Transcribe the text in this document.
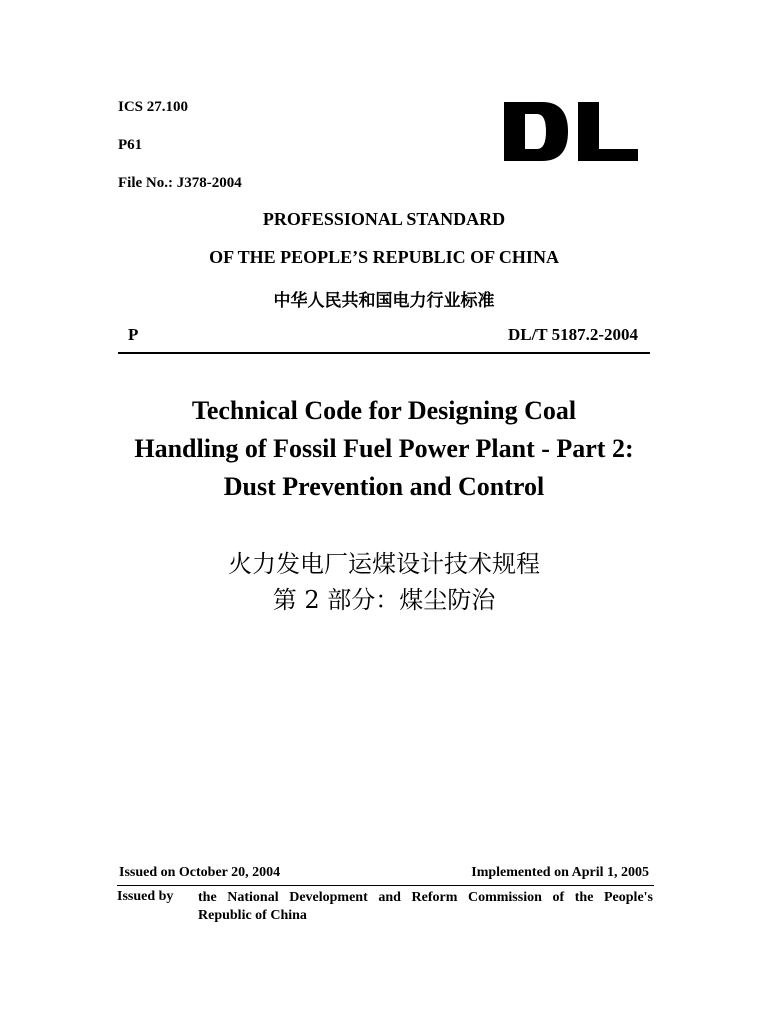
ICS 27.100
P61
File No.: J378-2004
PROFESSIONAL STANDARD
OF THE PEOPLE’S REPUBLIC OF CHINA
中华人民共和国电力行业标准
P	DL/T 5187.2-2004
Technical Code for Designing Coal
Handling of Fossil Fuel Power Plant - Part 2:
Dust Prevention and Control
火力发电厂运煤设计技术规程
第 2 部分：煤尘防治
Issued on October 20, 2004	Implemented on April 1, 2005
Issued by the National Development and Reform Commission of the People's Republic of China
